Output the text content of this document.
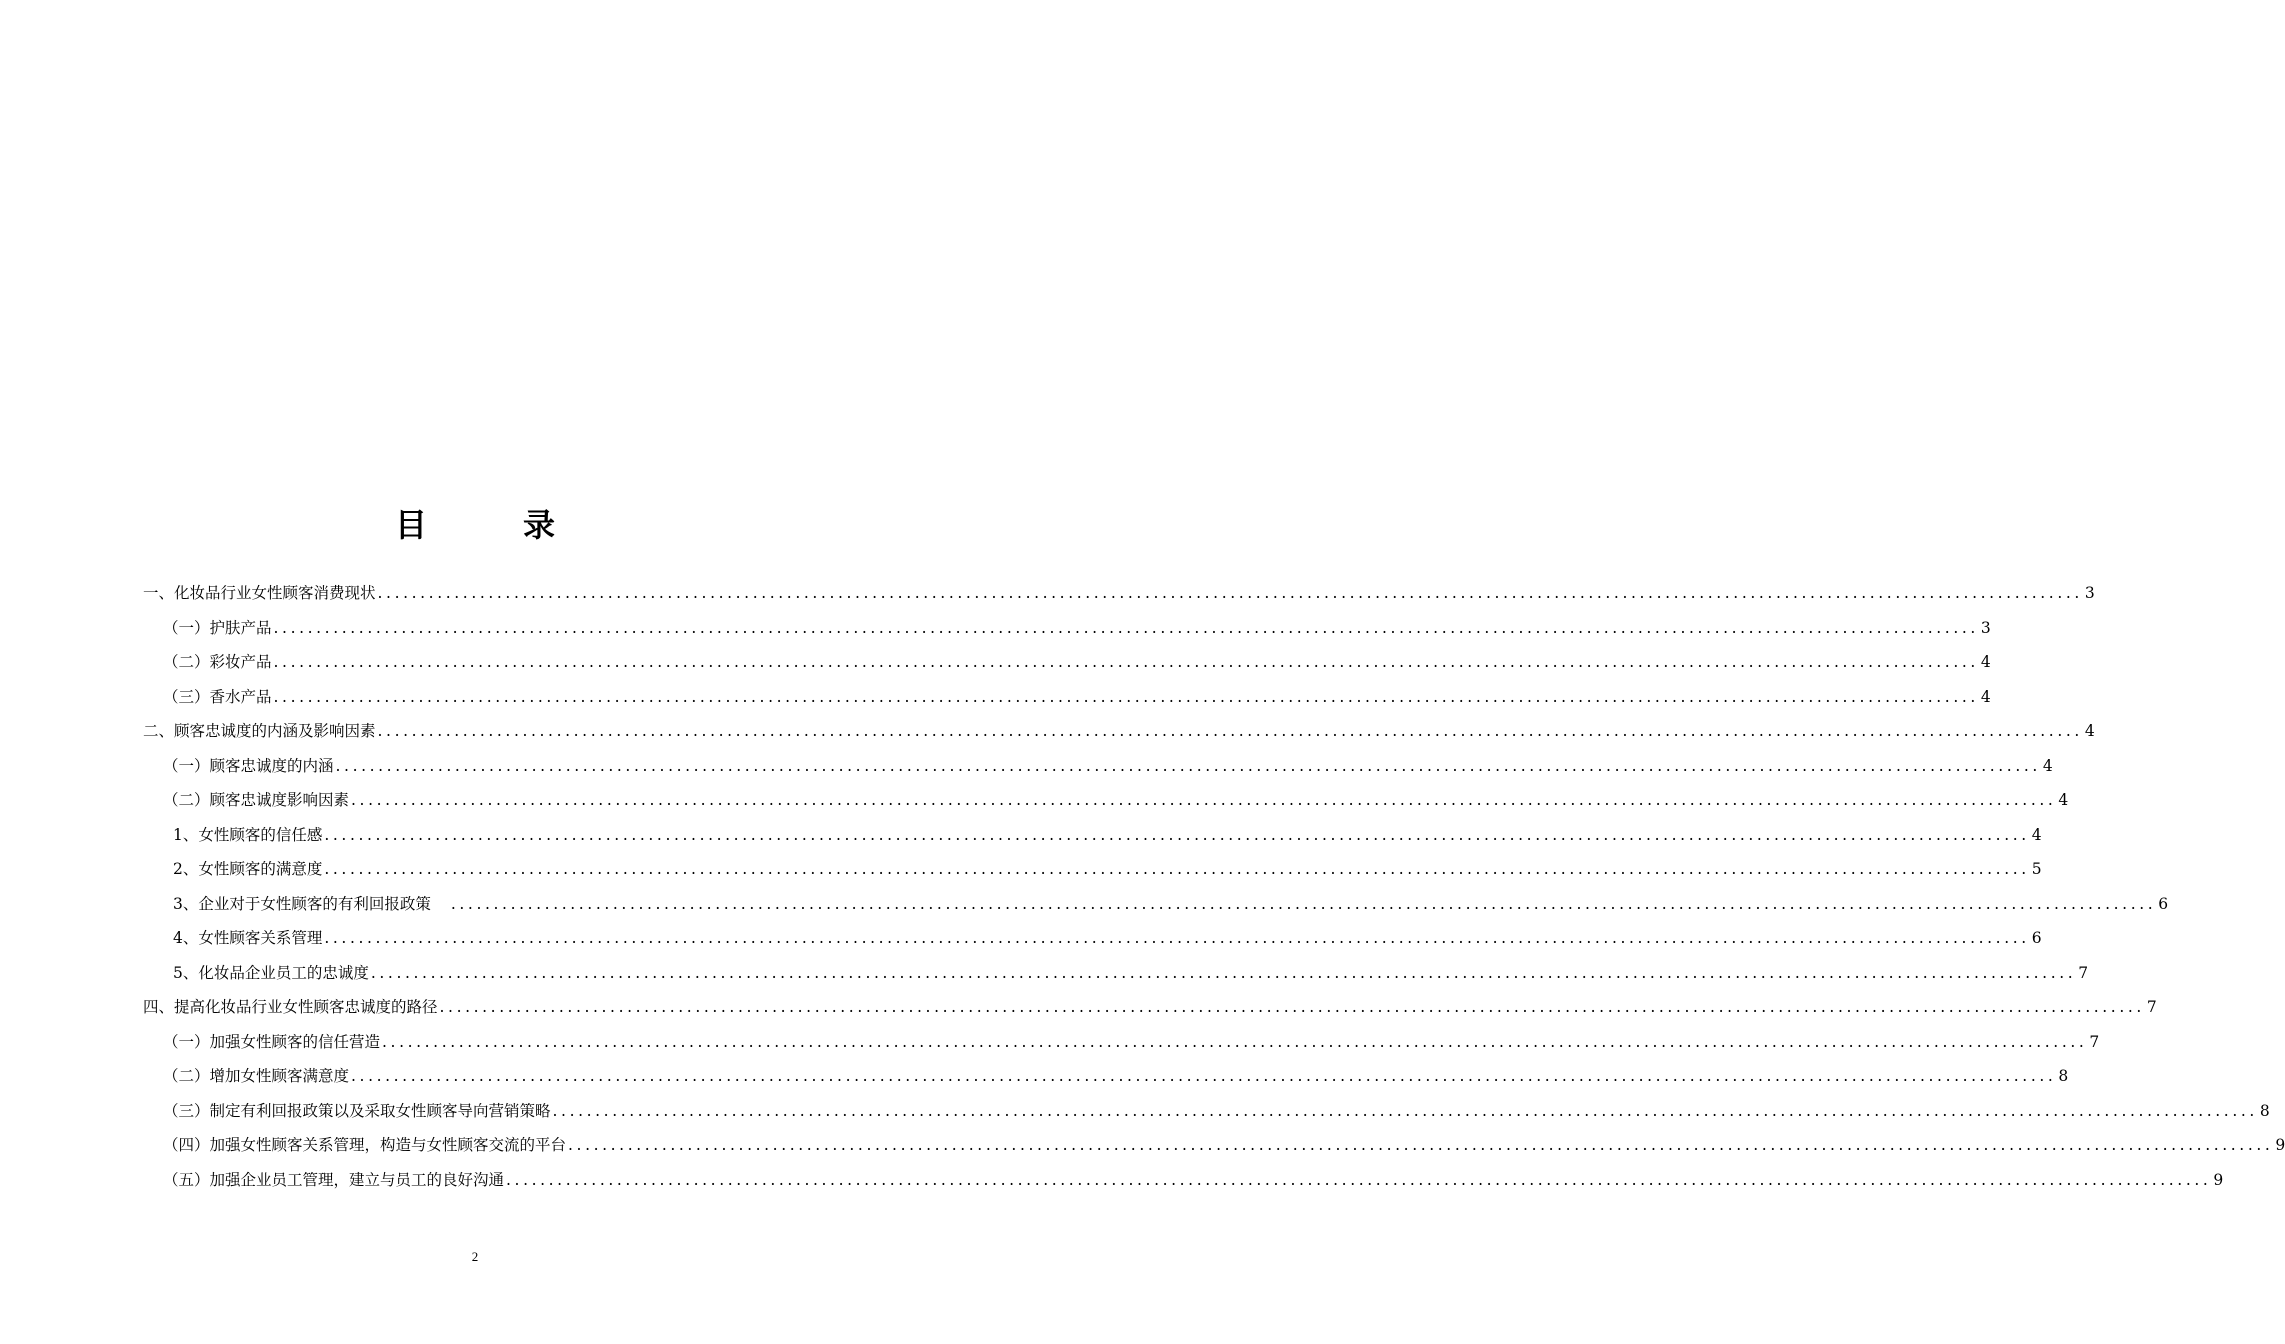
目　录
一、化妆品行业女性顾客消费现状 ........................................................................................................................................................................................................ 3
（一）护肤产品 ........................................................................................................................................................................................................ 3
（二）彩妆产品 ........................................................................................................................................................................................................ 4
（三）香水产品 ........................................................................................................................................................................................................ 4
二、顾客忠诚度的内涵及影响因素 ........................................................................................................................................................................................................ 4
（一）顾客忠诚度的内涵 ........................................................................................................................................................................................................ 4
（二）顾客忠诚度影响因素 ........................................................................................................................................................................................................ 4
1、女性顾客的信任感 ........................................................................................................................................................................................................ 4
2、女性顾客的满意度 ........................................................................................................................................................................................................ 5
3、企业对于女性顾客的有利回报政策 ........................................................................................................................................................................................................ 6
4、女性顾客关系管理 ........................................................................................................................................................................................................ 6
5、化妆品企业员工的忠诚度 ........................................................................................................................................................................................................ 7
四、提高化妆品行业女性顾客忠诚度的路径 ........................................................................................................................................................................................................ 7
（一）加强女性顾客的信任营造 ........................................................................................................................................................................................................ 7
（二）增加女性顾客满意度 ........................................................................................................................................................................................................ 8
（三）制定有利回报政策以及采取女性顾客导向营销策略 ........................................................................................................................................................................................................ 8
（四）加强女性顾客关系管理，构造与女性顾客交流的平台 ........................................................................................................................................................................................................ 9
（五）加强企业员工管理，建立与员工的良好沟通 ........................................................................................................................................................................................................ 9
2
